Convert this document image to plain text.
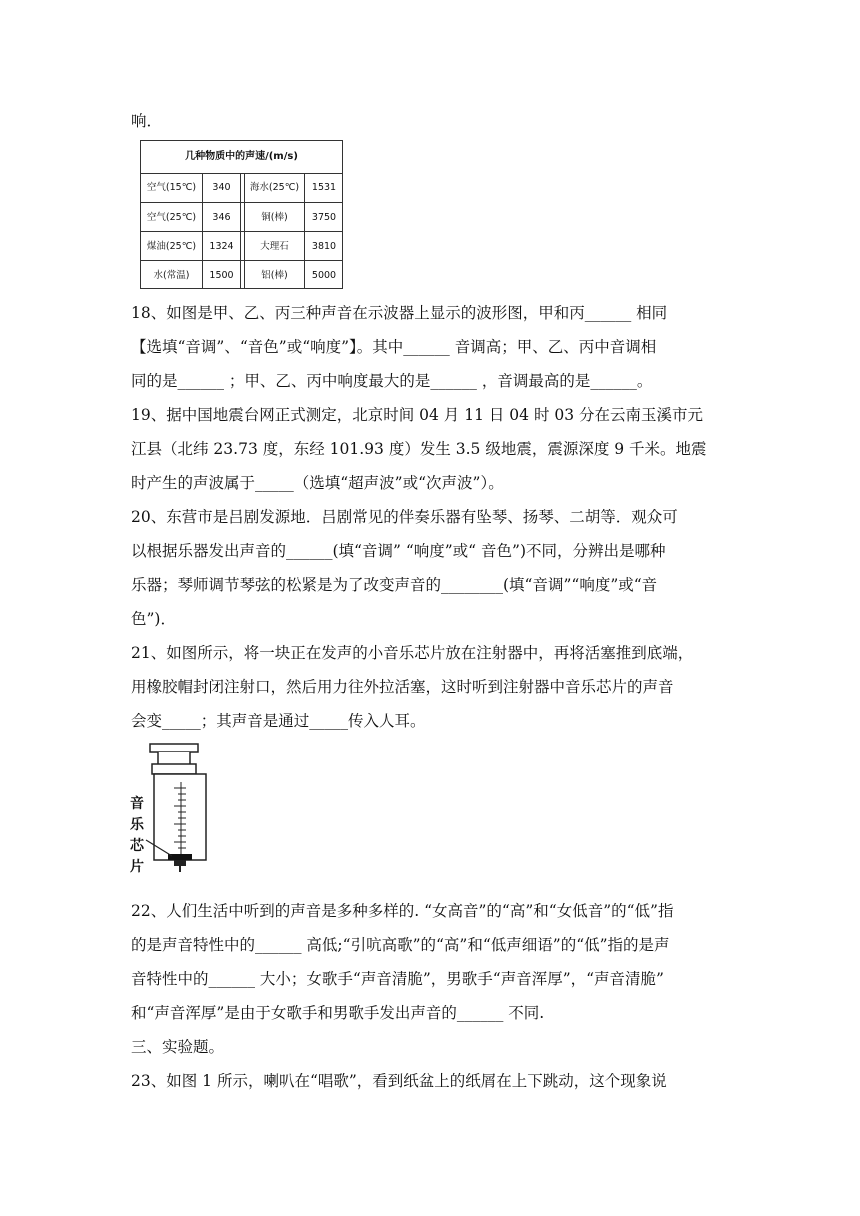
响．
几种物质中的声速/(m/s)
空气(15℃)	340	海水(25℃)	1531
空气(25℃)	346	铜(棒)	3750
煤油(25℃)	1324	大理石	3810
水(常温)	1500	铝(棒)	5000
18、如图是甲、乙、丙三种声音在示波器上显示的波形图，甲和丙______ 相同
【选填“音调”、“音色”或“响度”】。其中______ 音调高；甲、乙、丙中音调相
同的是______ ；甲、乙、丙中响度最大的是______ ，音调最高的是______。
19、据中国地震台网正式测定，北京时间 04 月 11 日 04 时 03 分在云南玉溪市元
江县（北纬 23.73 度，东经 101.93 度）发生 3.5 级地震，震源深度 9 千米。地震
时产生的声波属于_____（选填“超声波”或“次声波”）。
20、东营市是吕剧发源地．吕剧常见的伴奏乐器有坠琴、扬琴、二胡等．观众可
以根据乐器发出声音的______(填“音调” “响度”或“ 音色”)不同，分辨出是哪种
乐器；琴师调节琴弦的松紧是为了改变声音的________(填“音调”“响度”或“音
色”)．
21、如图所示，将一块正在发声的小音乐芯片放在注射器中，再将活塞推到底端，
用橡胶帽封闭注射口，然后用力往外拉活塞，这时听到注射器中音乐芯片的声音
会变_____；其声音是通过_____传入人耳。
音
乐
芯
片
22、人们生活中听到的声音是多种多样的. “女高音”的“高”和“女低音”的“低”指
的是声音特性中的______ 高低;“引吭高歌”的“高”和“低声细语”的“低”指的是声
音特性中的______ 大小；女歌手“声音清脆”，男歌手“声音浑厚”，“声音清脆”
和“声音浑厚”是由于女歌手和男歌手发出声音的______ 不同.
三、实验题。
23、如图 1 所示，喇叭在“唱歌”，看到纸盆上的纸屑在上下跳动，这个现象说
